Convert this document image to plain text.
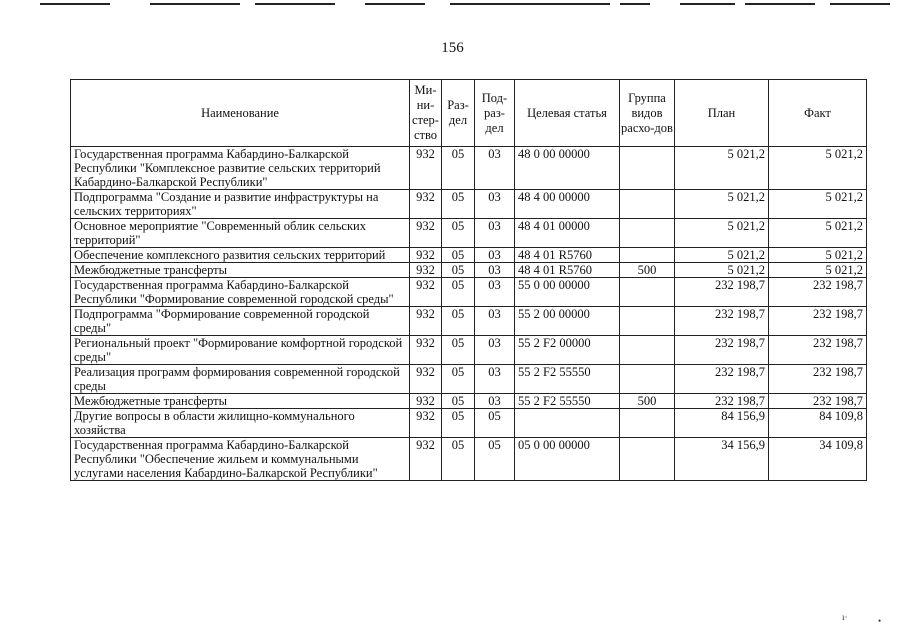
156
Наименование	Ми-ни-стер-ство	Раз-дел	Под-раз-дел	Целевая статья	Группа видов расхо-дов	План	Факт
Государственная программа Кабардино-Балкарской Республики "Комплексное развитие сельских территорий Кабардино-Балкарской Республики"	932	05	03	48 0 00 00000		5 021,2	5 021,2
Подпрограмма "Создание и развитие инфраструктуры на сельских территориях"	932	05	03	48 4 00 00000		5 021,2	5 021,2
Основное мероприятие "Современный облик сельских территорий"	932	05	03	48 4 01 00000		5 021,2	5 021,2
Обеспечение комплексного развития сельских территорий	932	05	03	48 4 01 R5760		5 021,2	5 021,2
Межбюджетные трансферты	932	05	03	48 4 01 R5760	500	5 021,2	5 021,2
Государственная программа Кабардино-Балкарской Республики "Формирование современной городской среды"	932	05	03	55 0 00 00000		232 198,7	232 198,7
Подпрограмма "Формирование современной городской среды"	932	05	03	55 2 00 00000		232 198,7	232 198,7
Региональный проект "Формирование комфортной городской среды"	932	05	03	55 2 F2 00000		232 198,7	232 198,7
Реализация программ формирования современной городской среды	932	05	03	55 2 F2 55550		232 198,7	232 198,7
Межбюджетные трансферты	932	05	03	55 2 F2 55550	500	232 198,7	232 198,7
Другие вопросы в области жилищно-коммунального хозяйства	932	05	05			84 156,9	84 109,8
Государственная программа Кабардино-Балкарской Республики "Обеспечение жильем и коммунальными услугами населения Кабардино-Балкарской Республики"	932	05	05	05 0 00 00000		34 156,9	34 109,8
ı·	•
